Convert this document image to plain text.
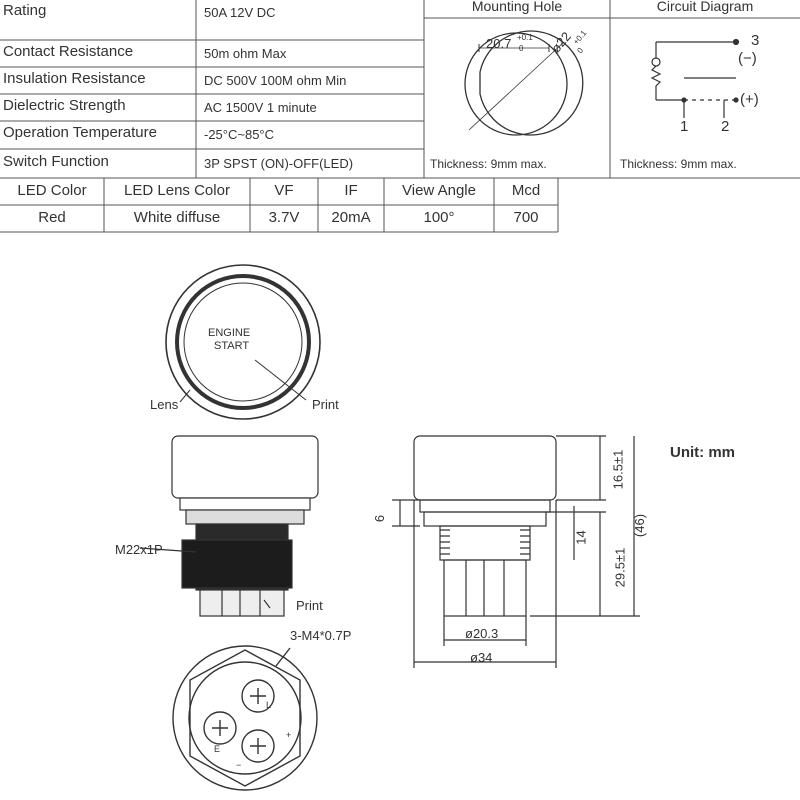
Rating	50A 12V DC
Contact Resistance	50m ohm Max
Insulation Resistance	DC 500V 100M ohm Min
Dielectric Strength	AC 1500V 1 minute
Operation Temperature	-25°C~85°C
Switch Function	3P SPST (ON)-OFF(LED)
LED Color	LED Lens Color	VF	IF	View Angle	Mcd
Red	White diffuse	3.7V	20mA	100°	700
Mounting Hole
20.7 +0.1
0 ø22
+0.1
0
Thickness: 9mm max.
Circuit Diagram
3
(−)
(+)
1 2
Thickness: 9mm max.
ENGINE
START
Lens	Print
M22x1P
Print
3-M4*0.7P
Unit: mm
6
14
16.5±1
29.5±1
(46)
ø20.3
ø34
L
E
+
−
